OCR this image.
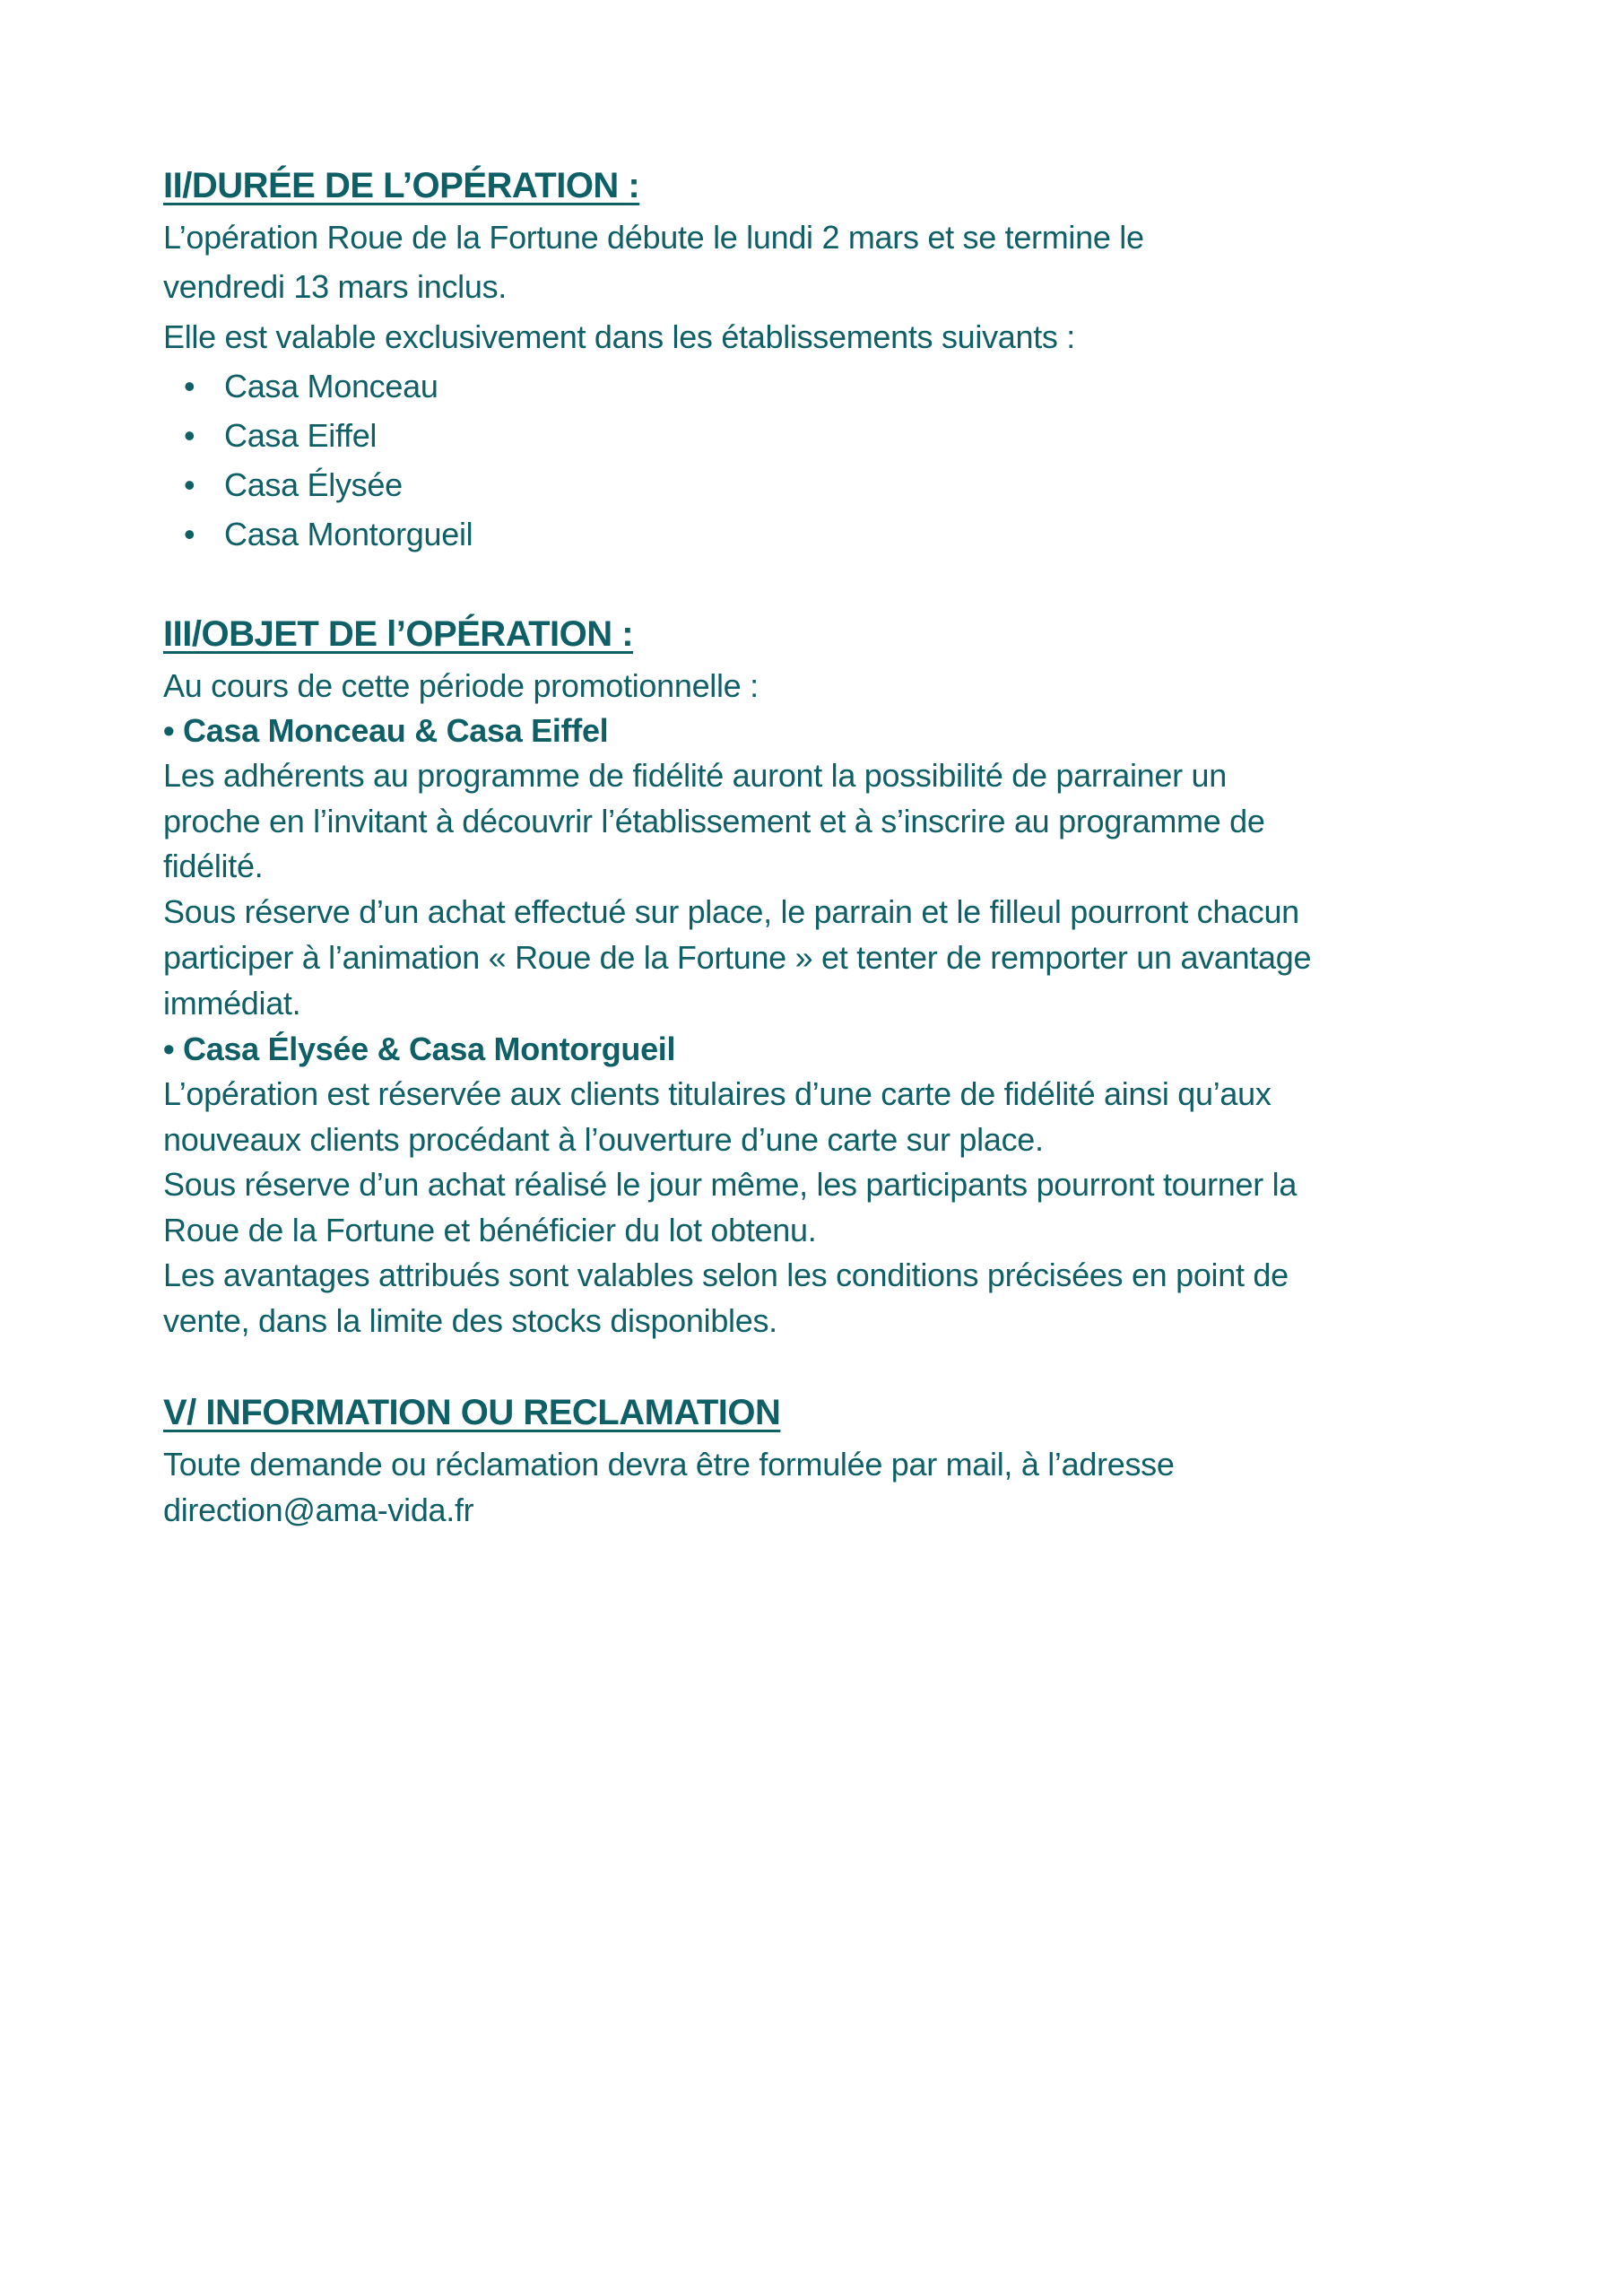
II/DURÉE DE L’OPÉRATION :
L’opération Roue de la Fortune débute le lundi 2 mars et se termine le
vendredi 13 mars inclus.
Elle est valable exclusivement dans les établissements suivants :
• Casa Monceau
• Casa Eiffel
• Casa Élysée
• Casa Montorgueil
III/OBJET DE l’OPÉRATION :
Au cours de cette période promotionnelle :
• Casa Monceau & Casa Eiffel
Les adhérents au programme de fidélité auront la possibilité de parrainer un
proche en l’invitant à découvrir l’établissement et à s’inscrire au programme de
fidélité.
Sous réserve d’un achat effectué sur place, le parrain et le filleul pourront chacun
participer à l’animation « Roue de la Fortune » et tenter de remporter un avantage
immédiat.
• Casa Élysée & Casa Montorgueil
L’opération est réservée aux clients titulaires d’une carte de fidélité ainsi qu’aux
nouveaux clients procédant à l’ouverture d’une carte sur place.
Sous réserve d’un achat réalisé le jour même, les participants pourront tourner la
Roue de la Fortune et bénéficier du lot obtenu.
Les avantages attribués sont valables selon les conditions précisées en point de
vente, dans la limite des stocks disponibles.
V/ INFORMATION OU RECLAMATION
Toute demande ou réclamation devra être formulée par mail, à l’adresse
direction@ama-vida.fr
